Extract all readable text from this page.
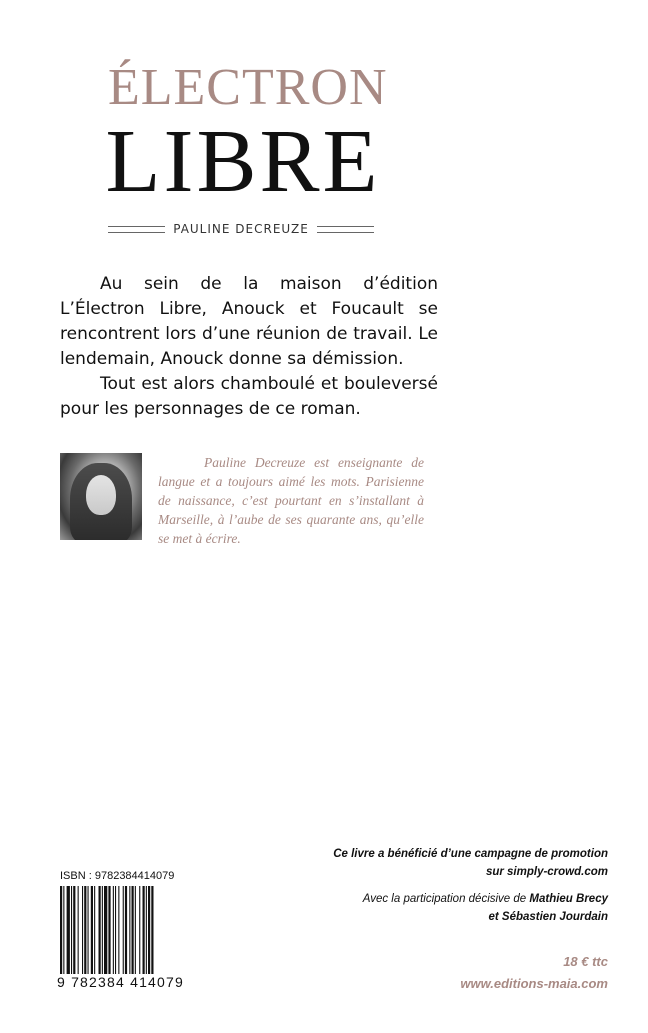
ÉLECTRON
LIBRE
PAULINE DECREUZE

Au sein de la maison d’édition L’Électron Libre, Anouck et Foucault se rencontrent lors d’une réunion de travail. Le lendemain, Anouck donne sa démission.

Tout est alors chamboulé et bouleversé pour les personnages de ce roman.

Pauline Decreuze est enseignante de langue et a toujours aimé les mots. Parisienne de naissance, c’est pourtant en s’installant à Marseille, à l’aube de ses quarante ans, qu’elle se met à écrire.

Ce livre a bénéficié d’une campagne de promotion
sur simply-crowd.com
Avec la participation décisive de Mathieu Brecy
et Sébastien Jourdain
ISBN : 9782384414079
9 782384 414079
18 € ttc
www.editions-maia.com
